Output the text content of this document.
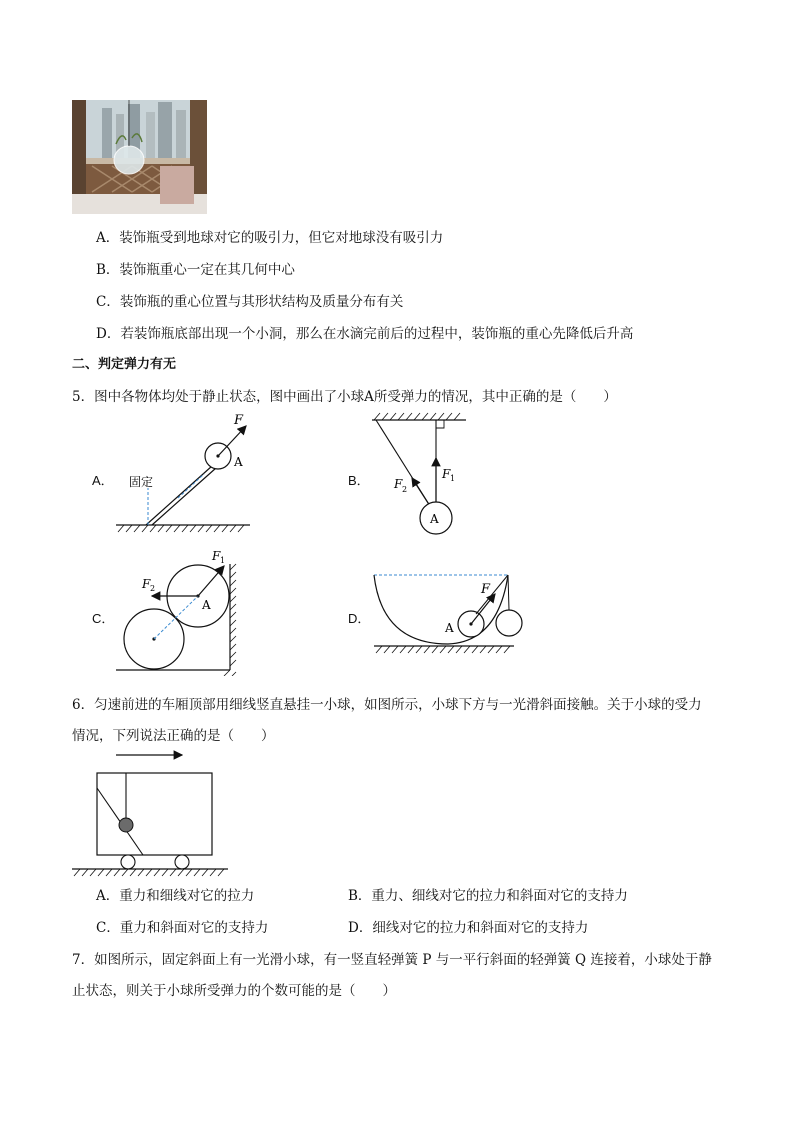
A．装饰瓶受到地球对它的吸引力，但它对地球没有吸引力
B．装饰瓶重心一定在其几何中心
C．装饰瓶的重心位置与其形状结构及质量分布有关
D．若装饰瓶底部出现一个小洞，那么在水滴完前后的过程中，装饰瓶的重心先降低后升高
二、判定弹力有无
5．图中各物体均处于静止状态，图中画出了小球A所受弹力的情况，其中正确的是（　　）
A．	B．
C．	D．
F
A
固定
A
F 1
F 2
F 1
F 2
A
F
A
6．匀速前进的车厢顶部用细线竖直悬挂一小球，如图所示，小球下方与一光滑斜面接触。关于小球的受力
情况，下列说法正确的是（　　）
A．重力和细线对它的拉力	B．重力、细线对它的拉力和斜面对它的支持力
C．重力和斜面对它的支持力	D．细线对它的拉力和斜面对它的支持力
7．如图所示，固定斜面上有一光滑小球，有一竖直轻弹簧 P 与一平行斜面的轻弹簧 Q 连接着，小球处于静
止状态，则关于小球所受弹力的个数可能的是（　　）
